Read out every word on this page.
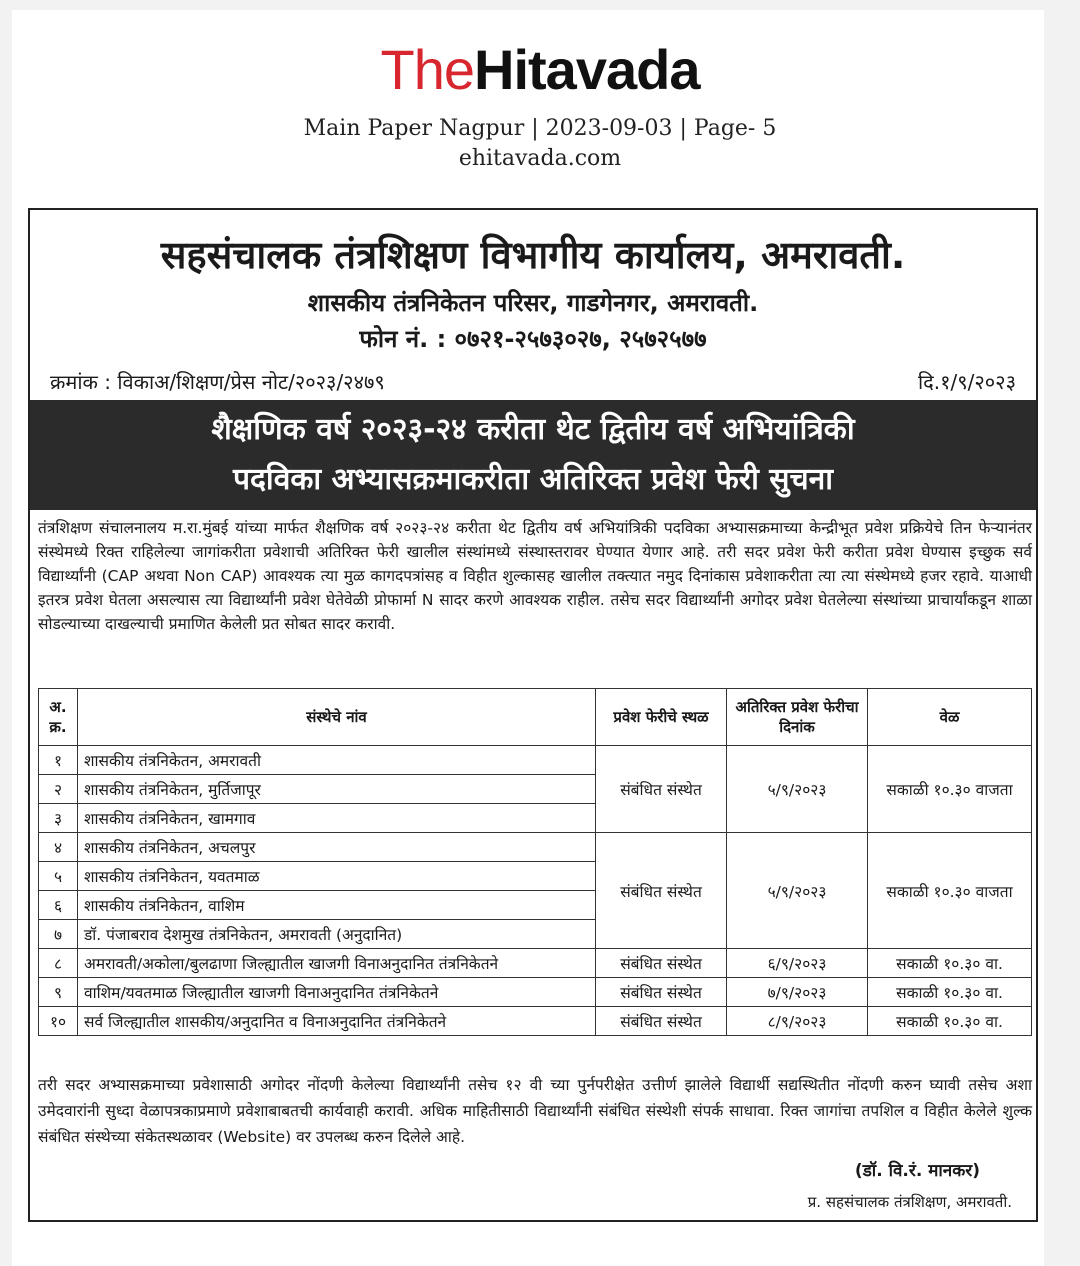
TheHitavada
Main Paper Nagpur | 2023-09-03 | Page- 5
ehitavada.com
सहसंचालक तंत्रशिक्षण विभागीय कार्यालय, अमरावती.
शासकीय तंत्रनिकेतन परिसर, गाडगेनगर, अमरावती.
फोन नं. : ०७२१-२५७३०२७, २५७२५७७
क्रमांक : विकाअ/शिक्षण/प्रेस नोट/२०२३/२४७९	दि.१/९/२०२३
शैक्षणिक वर्ष २०२३-२४ करीता थेट द्वितीय वर्ष अभियांत्रिकी
पदविका अभ्यासक्रमाकरीता अतिरिक्त प्रवेश फेरी सुचना
तंत्रशिक्षण संचालनालय म.रा.मुंबई यांच्या मार्फत शैक्षणिक वर्ष २०२३-२४ करीता थेट द्वितीय वर्ष अभियांत्रिकी पदविका अभ्यासक्रमाच्या केन्द्रीभूत प्रवेश प्रक्रियेचे तिन फेऱ्यानंतर संस्थेमध्ये रिक्त राहिलेल्या जागांकरीता प्रवेशाची अतिरिक्त फेरी खालील संस्थांमध्ये संस्थास्तरावर घेण्यात येणार आहे. तरी सदर प्रवेश फेरी करीता प्रवेश घेण्यास इच्छुक सर्व विद्यार्थ्यांनी (CAP अथवा Non CAP) आवश्यक त्या मुळ कागदपत्रांसह व विहीत शुल्कासह खालील तक्त्यात नमुद दिनांकास प्रवेशाकरीता त्या त्या संस्थेमध्ये हजर रहावे. याआधी इतरत्र प्रवेश घेतला असल्यास त्या विद्यार्थ्यांनी प्रवेश घेतेवेळी प्रोफार्मा N सादर करणे आवश्यक राहील. तसेच सदर विद्यार्थ्यांनी अगोदर प्रवेश घेतलेल्या संस्थांच्या प्राचार्यांकडून शाळा सोडल्याच्या दाखल्याची प्रमाणित केलेली प्रत सोबत सादर करावी.
अ. क्र.	संस्थेचे नांव	प्रवेश फेरीचे स्थळ	अतिरिक्त प्रवेश फेरीचा दिनांक	वेळ
१	शासकीय तंत्रनिकेतन, अमरावती	संबंधित संस्थेत	५/९/२०२३	सकाळी १०.३० वाजता
२	शासकीय तंत्रनिकेतन, मुर्तिजापूर			
३	शासकीय तंत्रनिकेतन, खामगाव			
४	शासकीय तंत्रनिकेतन, अचलपुर	संबंधित संस्थेत	५/९/२०२३	सकाळी १०.३० वाजता
५	शासकीय तंत्रनिकेतन, यवतमाळ			
६	शासकीय तंत्रनिकेतन, वाशिम			
७	डॉ. पंजाबराव देशमुख तंत्रनिकेतन, अमरावती (अनुदानित)			
८	अमरावती/अकोला/बुलढाणा जिल्ह्यातील खाजगी विनाअनुदानित तंत्रनिकेतने	संबंधित संस्थेत	६/९/२०२३	सकाळी १०.३० वा.
९	वाशिम/यवतमाळ जिल्ह्यातील खाजगी विनाअनुदानित तंत्रनिकेतने	संबंधित संस्थेत	७/९/२०२३	सकाळी १०.३० वा.
१०	सर्व जिल्ह्यातील शासकीय/अनुदानित व विनाअनुदानित तंत्रनिकेतने	संबंधित संस्थेत	८/९/२०२३	सकाळी १०.३० वा.
तरी सदर अभ्यासक्रमाच्या प्रवेशासाठी अगोदर नोंदणी केलेल्या विद्यार्थ्यांनी तसेच १२ वी च्या पुर्नपरीक्षेत उत्तीर्ण झालेले विद्यार्थी सद्यस्थितीत नोंदणी करुन घ्यावी तसेच अशा उमेदवारांनी सुध्दा वेळापत्रकाप्रमाणे प्रवेशाबाबतची कार्यवाही करावी. अधिक माहितीसाठी विद्यार्थ्यांनी संबंधित संस्थेशी संपर्क साधावा. रिक्त जागांचा तपशिल व विहीत केलेले शुल्क संबंधित संस्थेच्या संकेतस्थळावर (Website) वर उपलब्ध करुन दिलेले आहे.
(डॉ. वि.रं. मानकर)
प्र. सहसंचालक तंत्रशिक्षण, अमरावती.
